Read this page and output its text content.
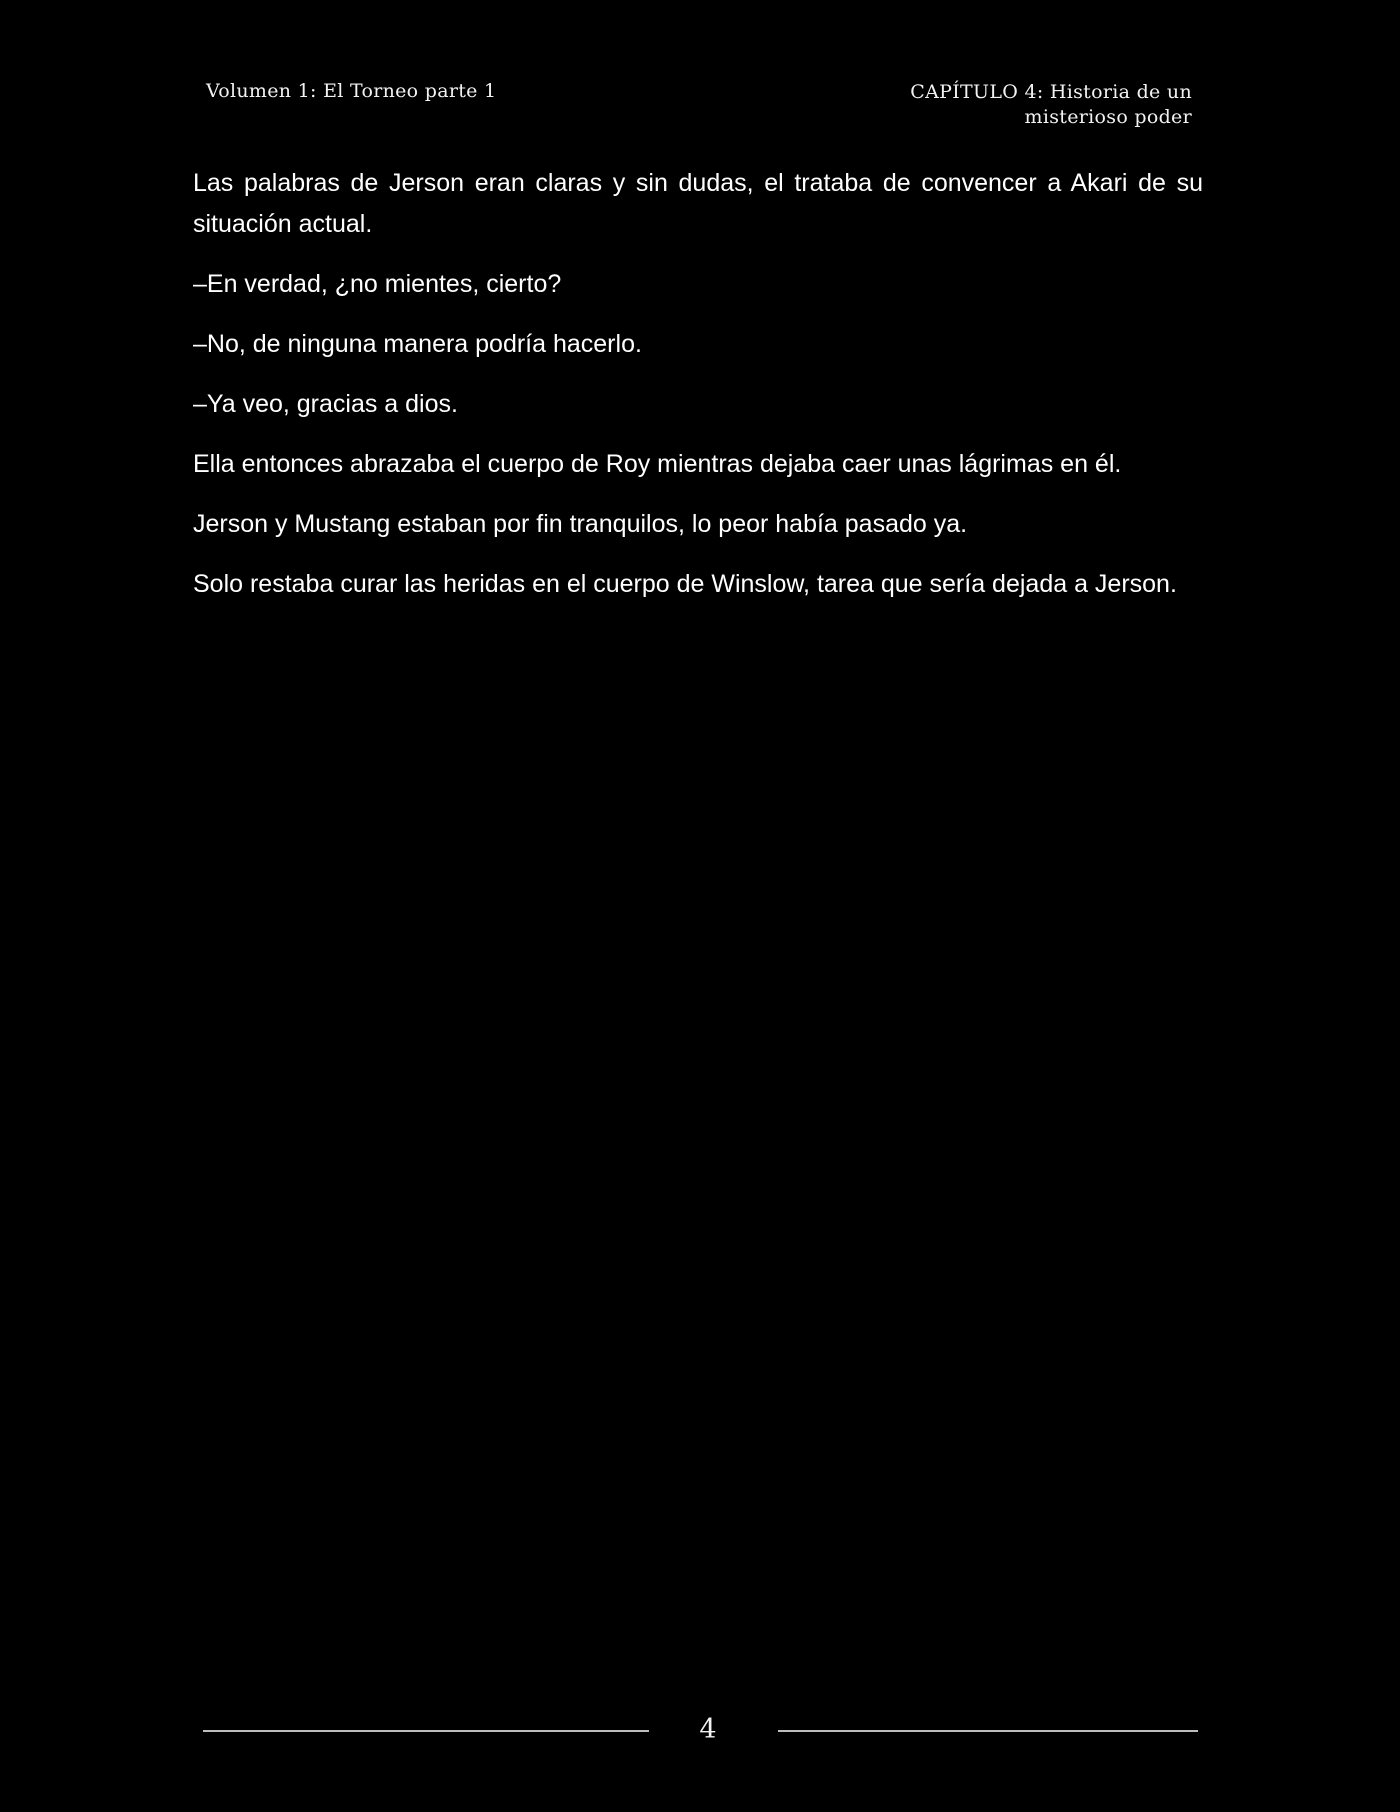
Volumen 1: El Torneo parte 1	CAPÍTULO 4: Historia de un
misterioso poder

Las palabras de Jerson eran claras y sin dudas, el trataba de convencer a Akari de su situación actual.

–En verdad, ¿no mientes, cierto?

–No, de ninguna manera podría hacerlo.

–Ya veo, gracias a dios.

Ella entonces abrazaba el cuerpo de Roy mientras dejaba caer unas lágrimas en él.

Jerson y Mustang estaban por fin tranquilos, lo peor había pasado ya.

Solo restaba curar las heridas en el cuerpo de Winslow, tarea que sería dejada a Jerson.

4
